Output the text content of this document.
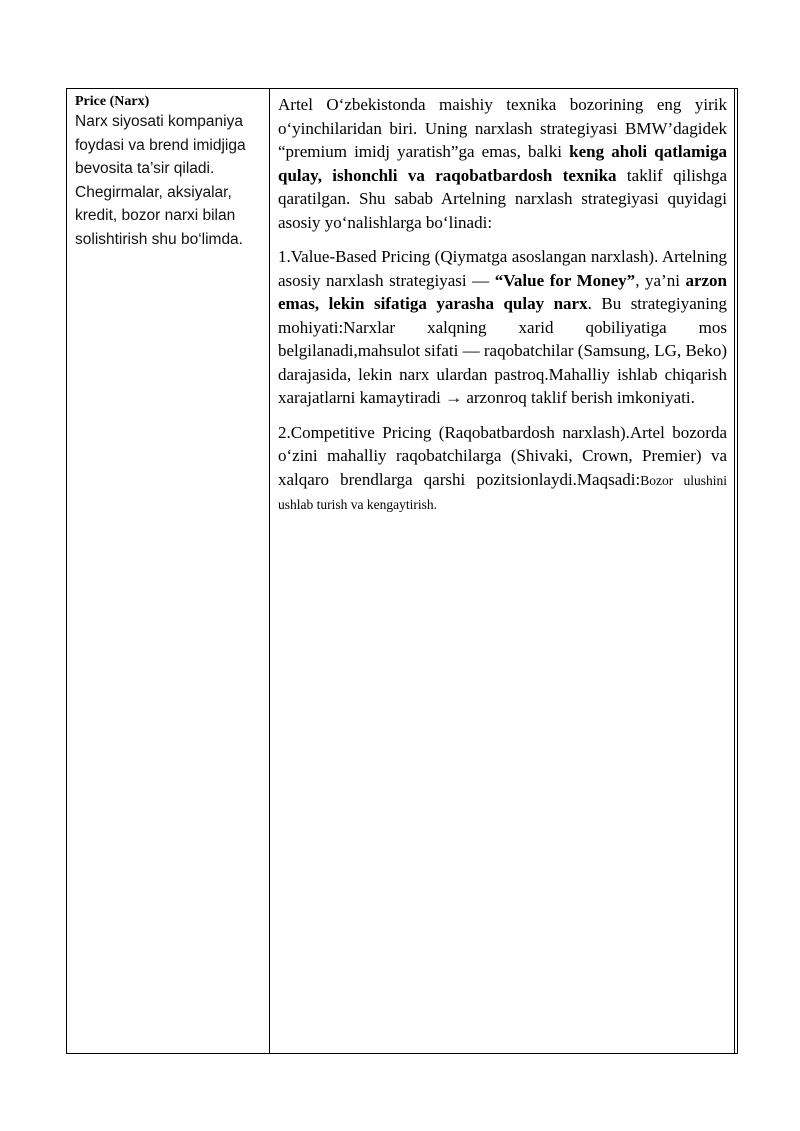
Price (Narx)

Narx siyosati kompaniya foydasi va brend imidjiga bevosita ta’sir qiladi. Chegirmalar, aksiyalar, kredit, bozor narxi bilan solishtirish shu bo‘limda.

Artel O‘zbekistonda maishiy texnika bozorining eng yirik o‘yinchilaridan biri. Uning narxlash strategiyasi BMW’dagidek “premium imidj yaratish”ga emas, balki keng aholi qatlamiga qulay, ishonchli va raqobatbardosh texnika taklif qilishga qaratilgan. Shu sabab Artelning narxlash strategiyasi quyidagi asosiy yo‘nalishlarga bo‘linadi:

1.Value-Based Pricing (Qiymatga asoslangan narxlash). Artelning asosiy narxlash strategiyasi — “Value for Money”, ya’ni arzon emas, lekin sifatiga yarasha qulay narx. Bu strategiyaning mohiyati:Narxlar xalqning xarid qobiliyatiga mos belgilanadi,mahsulot sifati — raqobatchilar (Samsung, LG, Beko) darajasida, lekin narx ulardan pastroq.Mahalliy ishlab chiqarish xarajatlarni kamaytiradi → arzonroq taklif berish imkoniyati.

2.Competitive Pricing (Raqobatbardosh narxlash).Artel bozorda o‘zini mahalliy raqobatchilarga (Shivaki, Crown, Premier) va xalqaro brendlarga qarshi pozitsionlaydi.Maqsadi:Bozor ulushini ushlab turish va kengaytirish.
